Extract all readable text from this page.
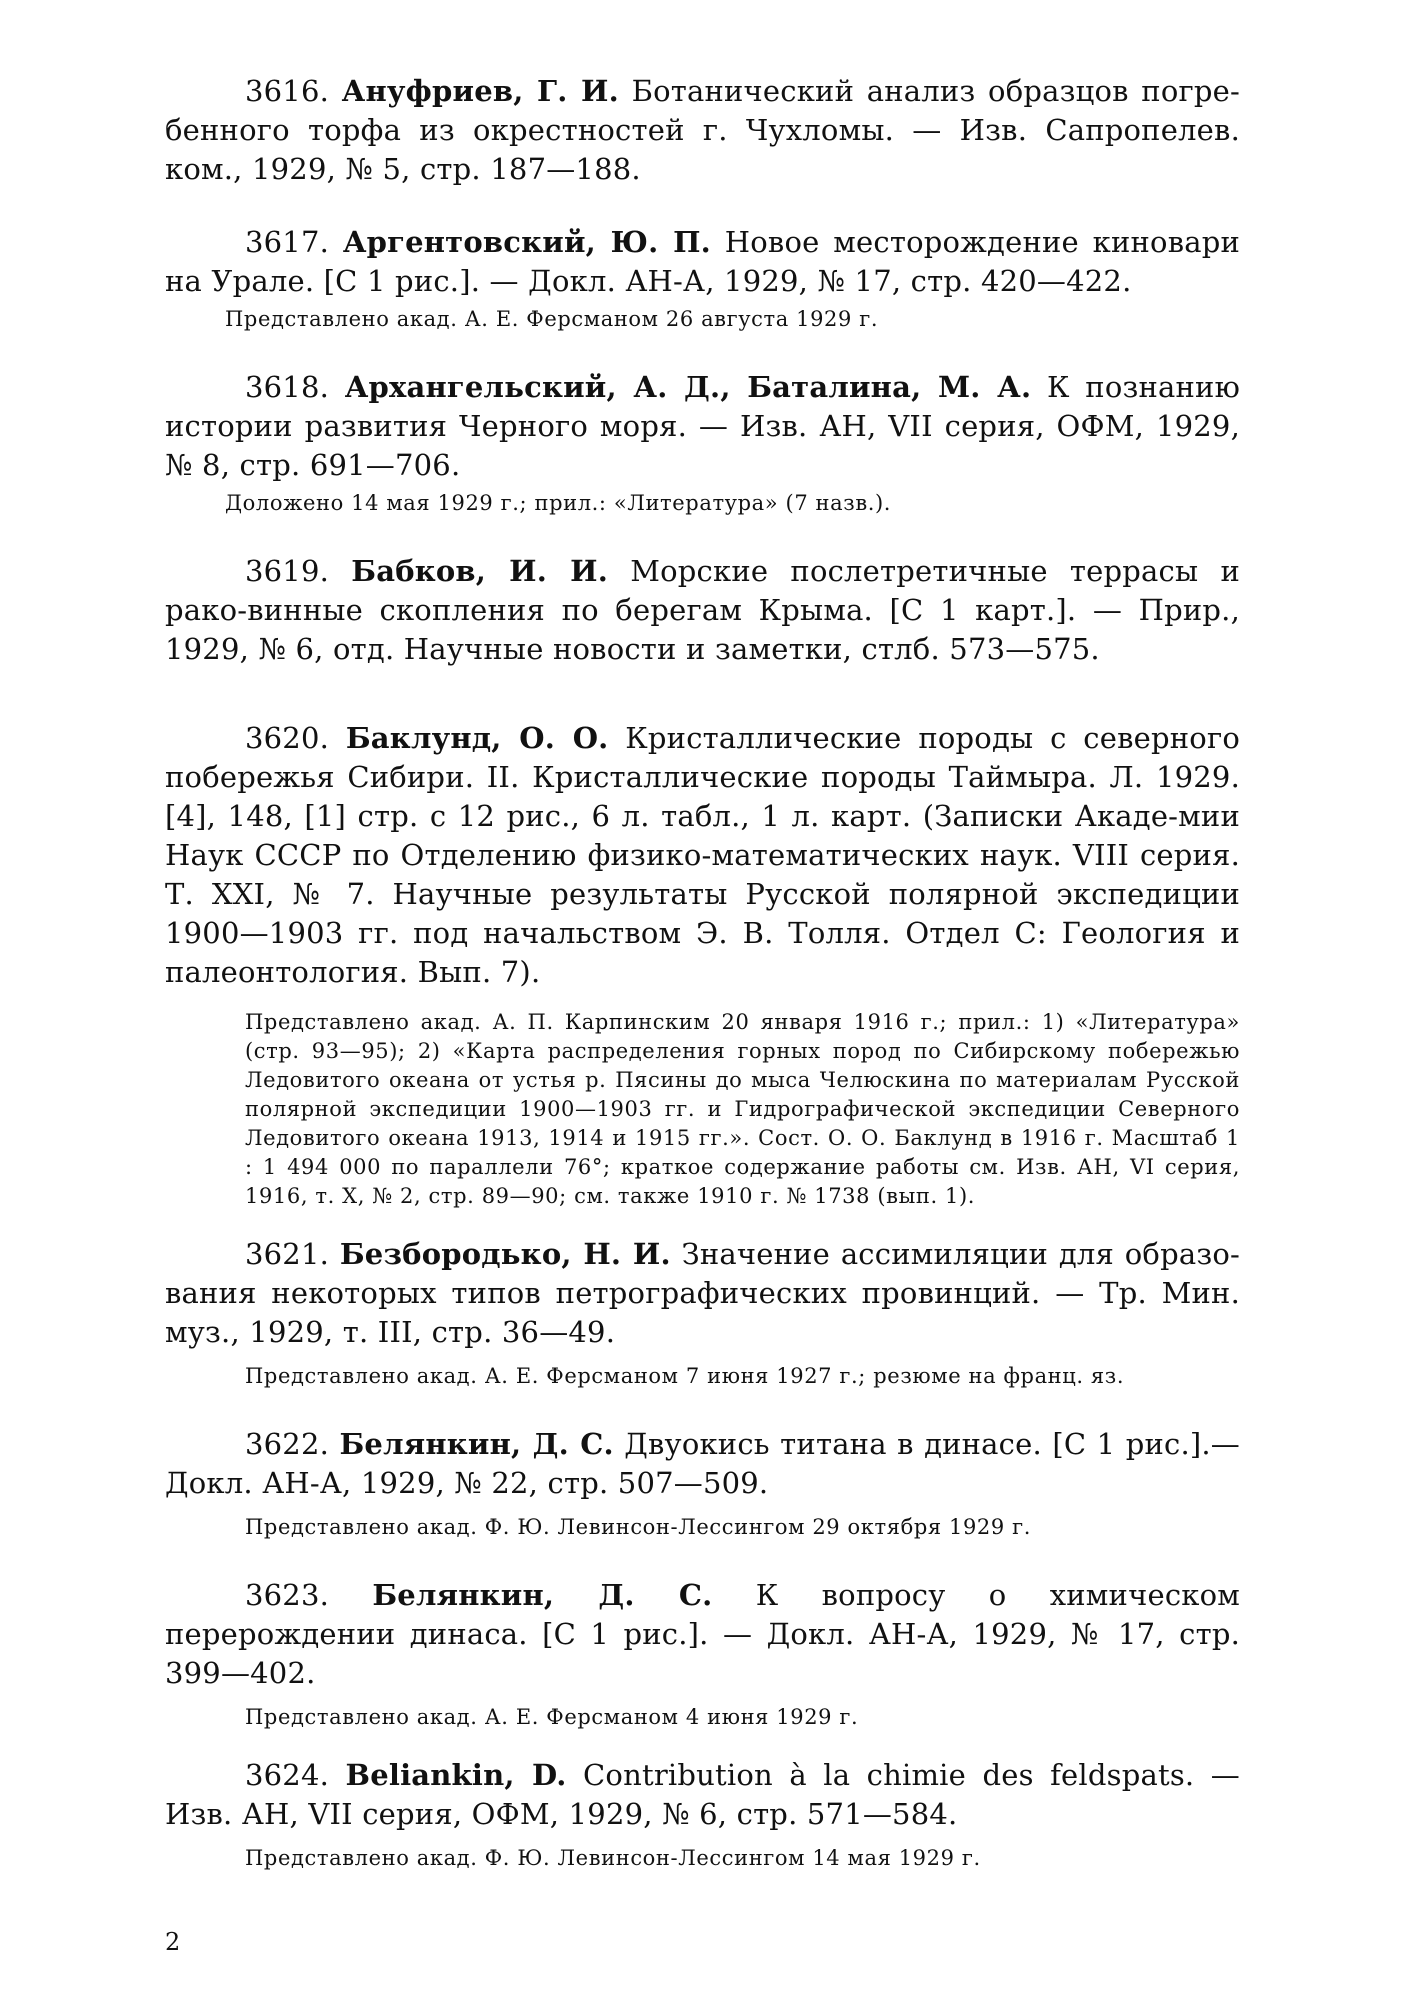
3616. Ануфриев, Г. И. Ботанический анализ образцов погре-бенного торфа из окрестностей г. Чухломы. — Изв. Сапропелев. ком., 1929, № 5, стр. 187—188.

3617. Аргентовский, Ю. П. Новое месторождение киновари на Урале. [С 1 рис.]. — Докл. АН-А, 1929, № 17, стр. 420—422.

Представлено акад. А. Е. Ферсманом 26 августа 1929 г.

3618. Архангельский, А. Д., Баталина, М. А. К познанию истории развития Черного моря. — Изв. АН, VII серия, ОФМ, 1929, № 8, стр. 691—706.

Доложено 14 мая 1929 г.; прил.: «Литература» (7 назв.).

3619. Бабков, И. И. Морские послетретичные террасы и рако-винные скопления по берегам Крыма. [С 1 карт.]. — Прир., 1929, № 6, отд. Научные новости и заметки, стлб. 573—575.

3620. Баклунд, О. О. Кристаллические породы с северного побережья Сибири. II. Кристаллические породы Таймыра. Л. 1929. [4], 148, [1] стр. с 12 рис., 6 л. табл., 1 л. карт. (Записки Акаде-мии Наук СССР по Отделению физико-математических наук. VIII серия. Т. XXI, № 7. Научные результаты Русской полярной экспедиции 1900—1903 гг. под начальством Э. В. Толля. Отдел С: Геология и палеонтология. Вып. 7).

Представлено акад. А. П. Карпинским 20 января 1916 г.; прил.: 1) «Литература» (стр. 93—95); 2) «Карта распределения горных пород по Сибирскому побережью Ледовитого океана от устья р. Пясины до мыса Челюскина по материалам Русской полярной экспедиции 1900—1903 гг. и Гидрографической экспедиции Северного Ледовитого океана 1913, 1914 и 1915 гг.». Сост. О. О. Баклунд в 1916 г. Масштаб 1 : 1 494 000 по параллели 76°; краткое содержание работы см. Изв. АН, VI серия, 1916, т. X, № 2, стр. 89—90; см. также 1910 г. № 1738 (вып. 1).

3621. Безбородько, Н. И. Значение ассимиляции для образо-вания некоторых типов петрографических провинций. — Тр. Мин. муз., 1929, т. III, стр. 36—49.

Представлено акад. А. Е. Ферсманом 7 июня 1927 г.; резюме на франц. яз.

3622. Белянкин, Д. С. Двуокись титана в динасе. [С 1 рис.].— Докл. АН-А, 1929, № 22, стр. 507—509.

Представлено акад. Ф. Ю. Левинсон-Лессингом 29 октября 1929 г.

3623. Белянкин, Д. С. К вопросу о химическом перерождении динаса. [С 1 рис.]. — Докл. АН-А, 1929, № 17, стр. 399—402.

Представлено акад. А. Е. Ферсманом 4 июня 1929 г.

3624. Beliankin, D. Contribution à la chimie des feldspats. — Изв. АН, VII серия, ОФМ, 1929, № 6, стр. 571—584.

Представлено акад. Ф. Ю. Левинсон-Лессингом 14 мая 1929 г.

2
